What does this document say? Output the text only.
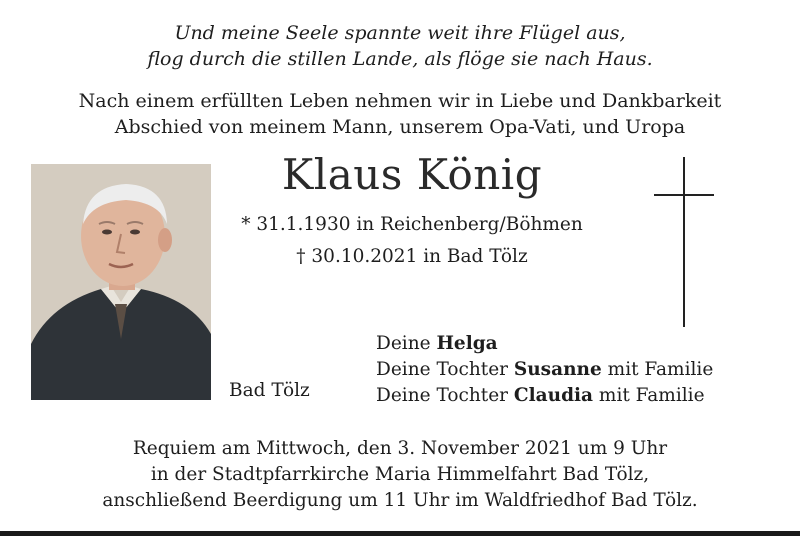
Und meine Seele spannte weit ihre Flügel aus,
flog durch die stillen Lande, als flöge sie nach Haus.
Nach einem erfüllten Leben nehmen wir in Liebe und Dankbarkeit
Abschied von meinem Mann, unserem Opa-Vati, und Uropa
Klaus König
* 31.1.1930 in Reichenberg/Böhmen
† 30.10.2021 in Bad Tölz
Deine Helga
Deine Tochter Susanne mit Familie
Deine Tochter Claudia mit Familie
Bad Tölz
Requiem am Mittwoch, den 3. November 2021 um 9 Uhr
in der Stadtpfarrkirche Maria Himmelfahrt Bad Tölz,
anschließend Beerdigung um 11 Uhr im Waldfriedhof Bad Tölz.
